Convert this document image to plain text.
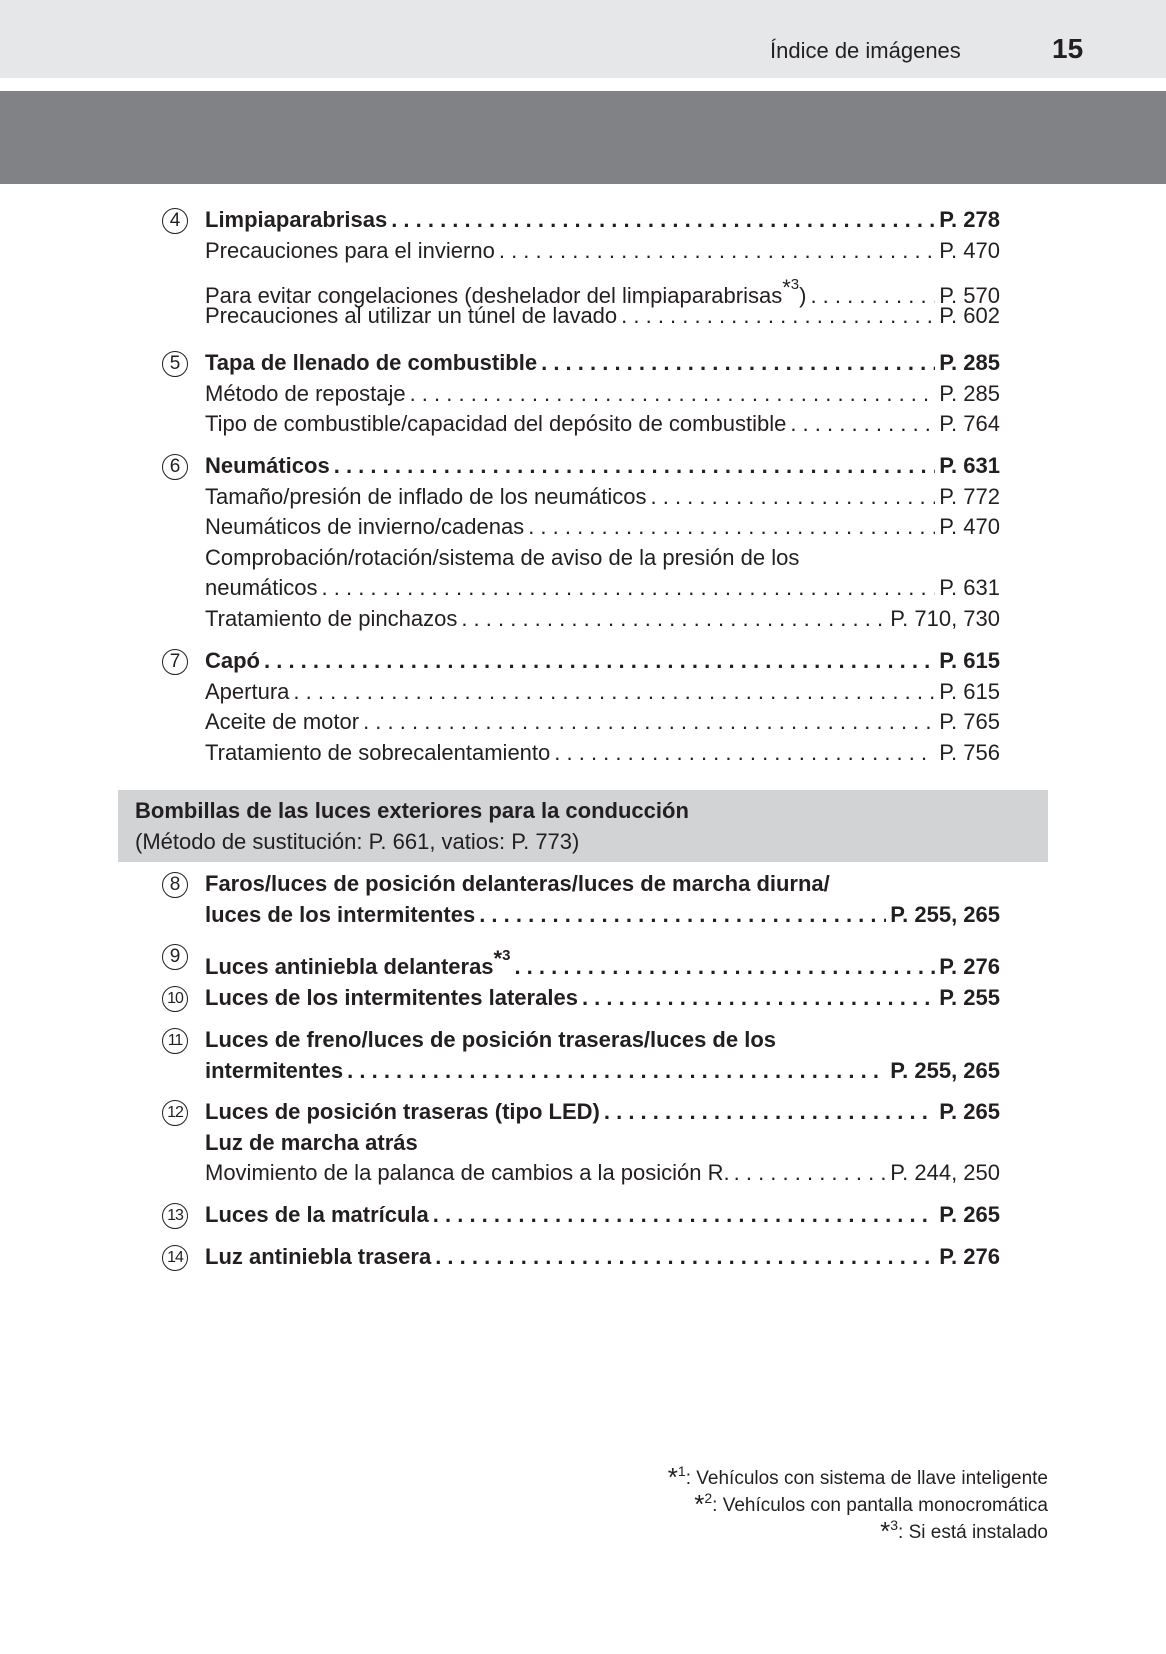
Índice de imágenes	15
4	Limpiaparabrisas . . .	P. 278
Precauciones para el invierno . . .	P. 470
Para evitar congelaciones (deshelador del limpiaparabrisas$^{*^3}$) . . .	P. 570
Precauciones al utilizar un túnel de lavado . . .	P. 602
5	Tapa de llenado de combustible . . .	P. 285
Método de repostaje . . .	P. 285
Tipo de combustible/capacidad del depósito de combustible . . .	P. 764
6	Neumáticos . . .	P. 631
Tamaño/presión de inflado de los neumáticos . . .	P. 772
Neumáticos de invierno/cadenas . . .	P. 470
Comprobación/rotación/sistema de aviso de la presión de los
neumáticos . . .	P. 631
Tratamiento de pinchazos . . .	P. 710, 730
7	Capó . . .	P. 615
Apertura . . .	P. 615
Aceite de motor . . .	P. 765
Tratamiento de sobrecalentamiento . . .	P. 756
Bombillas de las luces exteriores para la conducción
(Método de sustitución: P. 661, vatios: P. 773)
8	Faros/luces de posición delanteras/luces de marcha diurna/
luces de los intermitentes . . .	P. 255, 265
9	Luces antiniebla delanteras$^{*^3}$ . . .	P. 276
10 Luces de los intermitentes laterales . . .	P. 255
11 Luces de freno/luces de posición traseras/luces de los
intermitentes . . .	P. 255, 265
12 Luces de posición traseras (tipo LED) . . .	P. 265
Luz de marcha atrás
Movimiento de la palanca de cambios a la posición R. . . .	P. 244, 250
13 Luces de la matrícula . . .	P. 265
14 Luz antiniebla trasera . . .	P. 276
*$^1$: Vehículos con sistema de llave inteligente
*$^2$: Vehículos con pantalla monocromática
*$^3$: Si está instalado
